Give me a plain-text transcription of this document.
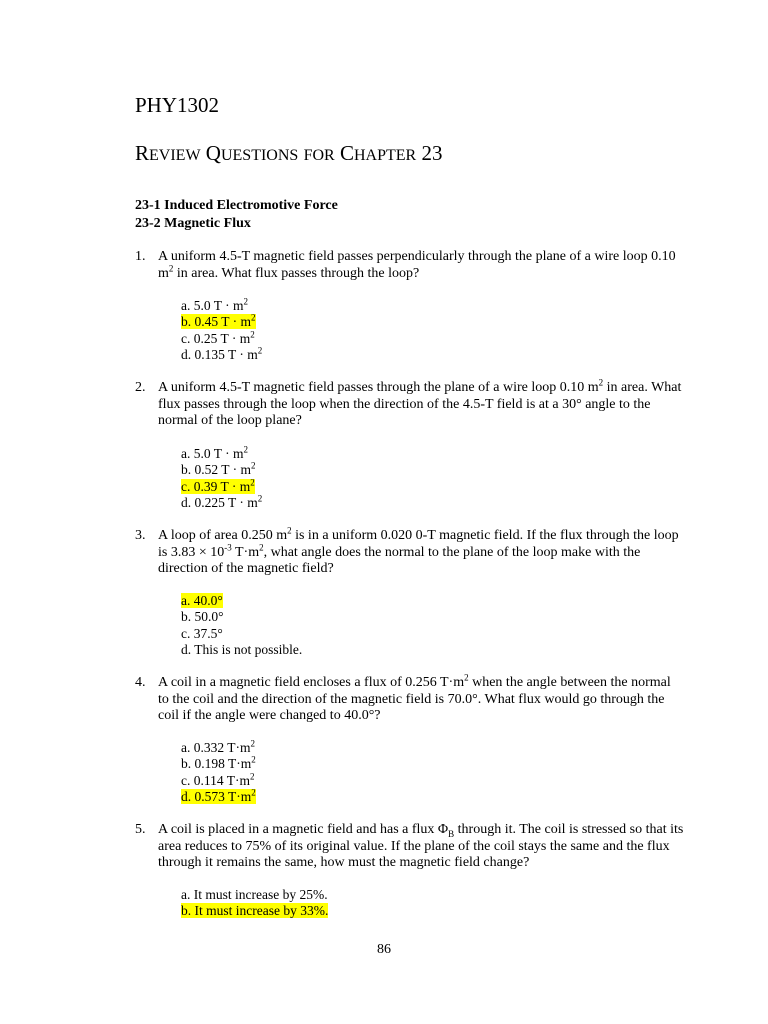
PHY1302
REVIEW QUESTIONS FOR CHAPTER 23
23-1 Induced Electromotive Force
23-2 Magnetic Flux
1. A uniform 4.5-T magnetic field passes perpendicularly through the plane of a wire loop 0.10
$m^2$ in area. What flux passes through the loop?
a. 5.0 $T \cdot m^2$
b. 0.45 $T \cdot m^2$
c. 0.25 $T \cdot m^2$
d. 0.135 $T \cdot m^2$
2. A uniform 4.5-T magnetic field passes through the plane of a wire loop 0.10 $m^2$ in area. What
flux passes through the loop when the direction of the 4.5-T field is at a 30° angle to the
normal of the loop plane?
a. 5.0 $T \cdot m^2$
b. 0.52 $T \cdot m^2$
c. 0.39 $T \cdot m^2$
d. 0.225 $T \cdot m^2$
3. A loop of area 0.250 $m^2$ is in a uniform 0.020 0-T magnetic field. If the flux through the loop
is $3.83 \times 10^{-3}$ $T\cdot m^2$, what angle does the normal to the plane of the loop make with the
direction of the magnetic field?
a. 40.0°
b. 50.0°
c. 37.5°
d. This is not possible.
4. A coil in a magnetic field encloses a flux of 0.256 $T\cdot m^2$ when the angle between the normal
to the coil and the direction of the magnetic field is 70.0°. What flux would go through the
coil if the angle were changed to 40.0°?
a. 0.332 $T\cdot m^2$
b. 0.198 $T\cdot m^2$
c. 0.114 $T\cdot m^2$
d. 0.573 $T\cdot m^2$
5. A coil is placed in a magnetic field and has a flux $\Phi_B$ through it. The coil is stressed so that its
area reduces to 75% of its original value. If the plane of the coil stays the same and the flux
through it remains the same, how must the magnetic field change?
a. It must increase by 25%.
b. It must increase by 33%.
86
